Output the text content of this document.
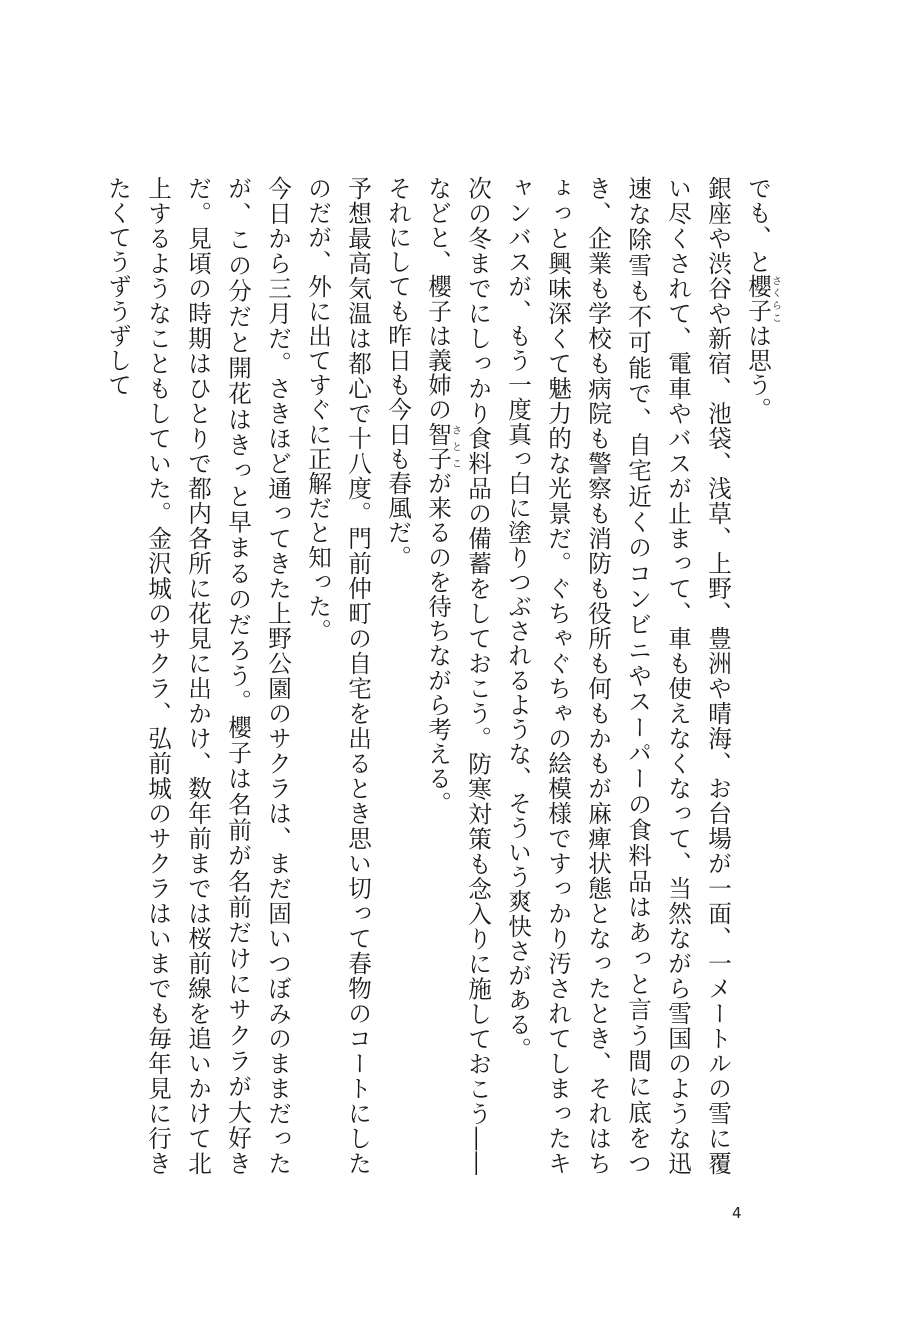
でも、と櫻子さくらこは思う。

銀座や渋谷や新宿、池袋、浅草、上野、豊洲や晴海、お台場が一面、一メートルの雪に覆い尽くされて、電車やバスが止まって、車も使えなくなって、当然ながら雪国のような迅速な除雪も不可能で、自宅近くのコンビニやスーパーの食料品はあっと言う間に底をつき、企業も学校も病院も警察も消防も役所も何もかもが麻痺状態となったとき、それはちょっと興味深くて魅力的な光景だ。ぐちゃぐちゃの絵模様ですっかり汚されてしまったキャンバスが、もう一度真っ白に塗りつぶされるような、そういう爽快さがある。

次の冬までにしっかり食料品の備蓄をしておこう。防寒対策も念入りに施しておこう――などと、櫻子は義姉の智子さとこが来るのを待ちながら考える。

それにしても昨日も今日も春風だ。

予想最高気温は都心で十八度。門前仲町の自宅を出るとき思い切って春物のコートにしたのだが、外に出てすぐに正解だと知った。

今日から三月だ。さきほど通ってきた上野公園のサクラは、まだ固いつぼみのままだったが、この分だと開花はきっと早まるのだろう。櫻子は名前が名前だけにサクラが大好きだ。見頃の時期はひとりで都内各所に花見に出かけ、数年前までは桜前線を追いかけて北上するようなこともしていた。金沢城のサクラ、弘前城のサクラはいまでも毎年見に行きたくてうずうずして

4
